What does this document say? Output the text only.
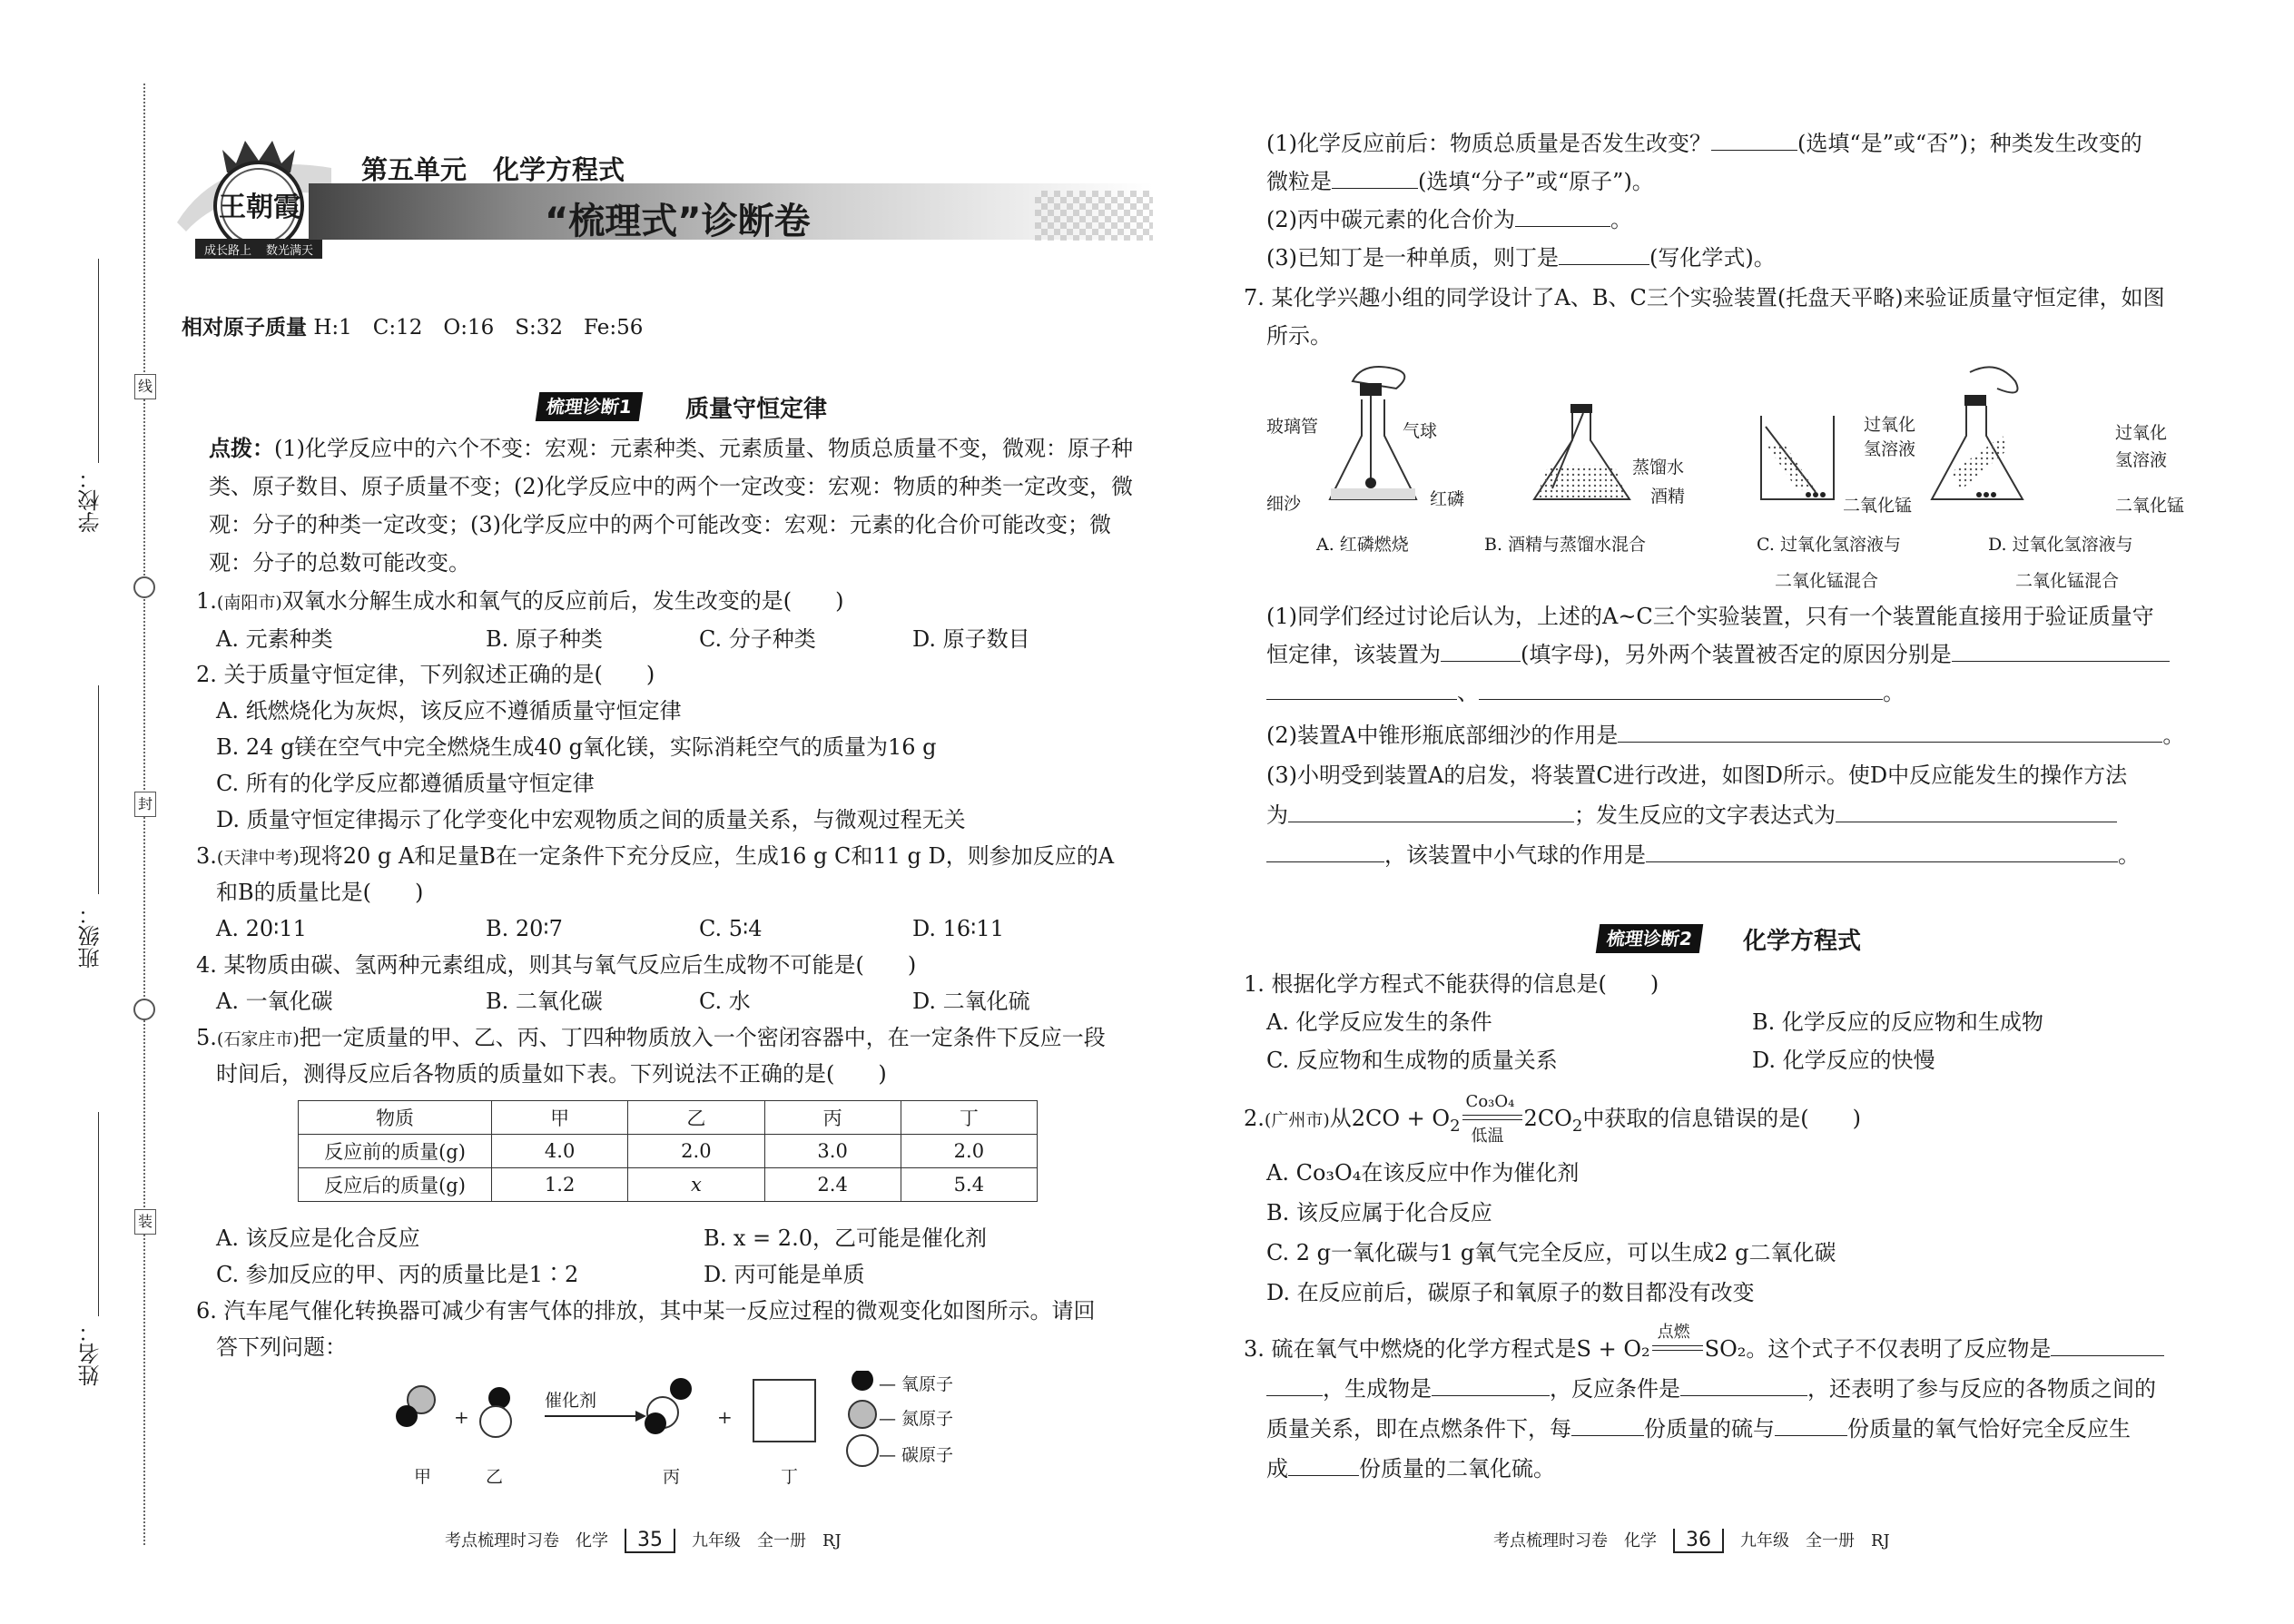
线
封
装
学校：
班级：
姓名：
王朝霞
成长路上 数光满天
第五单元　化学方程式
“梳理式”诊断卷
相对原子质量 H:1　C:12　O:16　S:32　Fe:56
梳理诊断1	质量守恒定律
点拨：(1)化学反应中的六个不变：宏观：元素种类、元素质量、物质总质量不变，微观：原子种
类、原子数目、原子质量不变；(2)化学反应中的两个一定改变：宏观：物质的种类一定改变，微
观：分子的种类一定改变；(3)化学反应中的两个可能改变：宏观：元素的化合价可能改变；微
观：分子的总数可能改变。
1.(南阳市)双氧水分解生成水和氧气的反应前后，发生改变的是(　　)
A. 元素种类	B. 原子种类	C. 分子种类	D. 原子数目
2. 关于质量守恒定律，下列叙述正确的是(　　)
A. 纸燃烧化为灰烬，该反应不遵循质量守恒定律
B. 24 g镁在空气中完全燃烧生成40 g氧化镁，实际消耗空气的质量为16 g
C. 所有的化学反应都遵循质量守恒定律
D. 质量守恒定律揭示了化学变化中宏观物质之间的质量关系，与微观过程无关
3.(天津中考)现将20 g A和足量B在一定条件下充分反应，生成16 g C和11 g D，则参加反应的A
和B的质量比是(　　)
A. 20∶11	B. 20∶7	C. 5∶4	D. 16∶11
4. 某物质由碳、氢两种元素组成，则其与氧气反应后生成物不可能是(　　)
A. 一氧化碳	B. 二氧化碳	C. 水	D. 二氧化硫
5.(石家庄市)把一定质量的甲、乙、丙、丁四种物质放入一个密闭容器中，在一定条件下反应一段
时间后，测得反应后各物质的质量如下表。下列说法不正确的是(　　)
物质	甲	乙	丙	丁
反应前的质量(g)	4.0	2.0	3.0	2.0
反应后的质量(g)	1.2	x	2.4	5.4
A. 该反应是化合反应	B. x = 2.0，乙可能是催化剂
C. 参加反应的甲、丙的质量比是1∶2	D. 丙可能是单质
6. 汽车尾气催化转换器可减少有害气体的排放，其中某一反应过程的微观变化如图所示。请回
答下列问题：
+	+
催化剂
甲	乙	丙	丁
— 氧原子
— 氮原子
— 碳原子
考点梳理时习卷　化学　 35　 九年级　全一册　RJ
(1)化学反应前后：物质总质量是否发生改变？	(选填“是”或“否”)；种类发生改变的
微粒是	(选填“分子”或“原子”)。
(2)丙中碳元素的化合价为	。
(3)已知丁是一种单质，则丁是	(写化学式)。
7. 某化学兴趣小组的同学设计了A、B、C三个实验装置(托盘天平略)来验证质量守恒定律，如图
所示。
玻璃管	气球
细沙	红磷
蒸馏水
酒精
过氧化
氢溶液
二氧化锰
过氧化
氢溶液
二氧化锰
A. 红磷燃烧	B. 酒精与蒸馏水混合	C. 过氧化氢溶液与
二氧化锰混合
D. 过氧化氢溶液与
二氧化锰混合
(1)同学们经过讨论后认为，上述的A~C三个实验装置，只有一个装置能直接用于验证质量守
恒定律，该装置为	(填字母)，另外两个装置被否定的原因分别是
、	。
(2)装置A中锥形瓶底部细沙的作用是	。
(3)小明受到装置A的启发，将装置C进行改进，如图D所示。使D中反应能发生的操作方法
为	；发生反应的文字表达式为
，该装置中小气球的作用是	。
梳理诊断2	化学方程式
1. 根据化学方程式不能获得的信息是(　　)
A. 化学反应发生的条件	B. 化学反应的反应物和生成物
C. 反应物和生成物的质量关系	D. 化学反应的快慢
2.(广州市)从$2CO + O_2$
Co₃O₄
低温
$2CO_2$中获取的信息错误的是(　　)
A. Co₃O₄在该反应中作为催化剂
B. 该反应属于化合反应
C. 2 g一氧化碳与1 g氧气完全反应，可以生成2 g二氧化碳
D. 在反应前后，碳原子和氧原子的数目都没有改变
3. 硫在氧气中燃烧的化学方程式是S + O₂
点燃
SO₂。这个式子不仅表明了反应物是
，生成物是	，反应条件是	，还表明了参与反应的各物质之间的
质量关系，即在点燃条件下，每	份质量的硫与	份质量的氧气恰好完全反应生
成	份质量的二氧化硫。
考点梳理时习卷　化学　 36　 九年级　全一册　RJ
